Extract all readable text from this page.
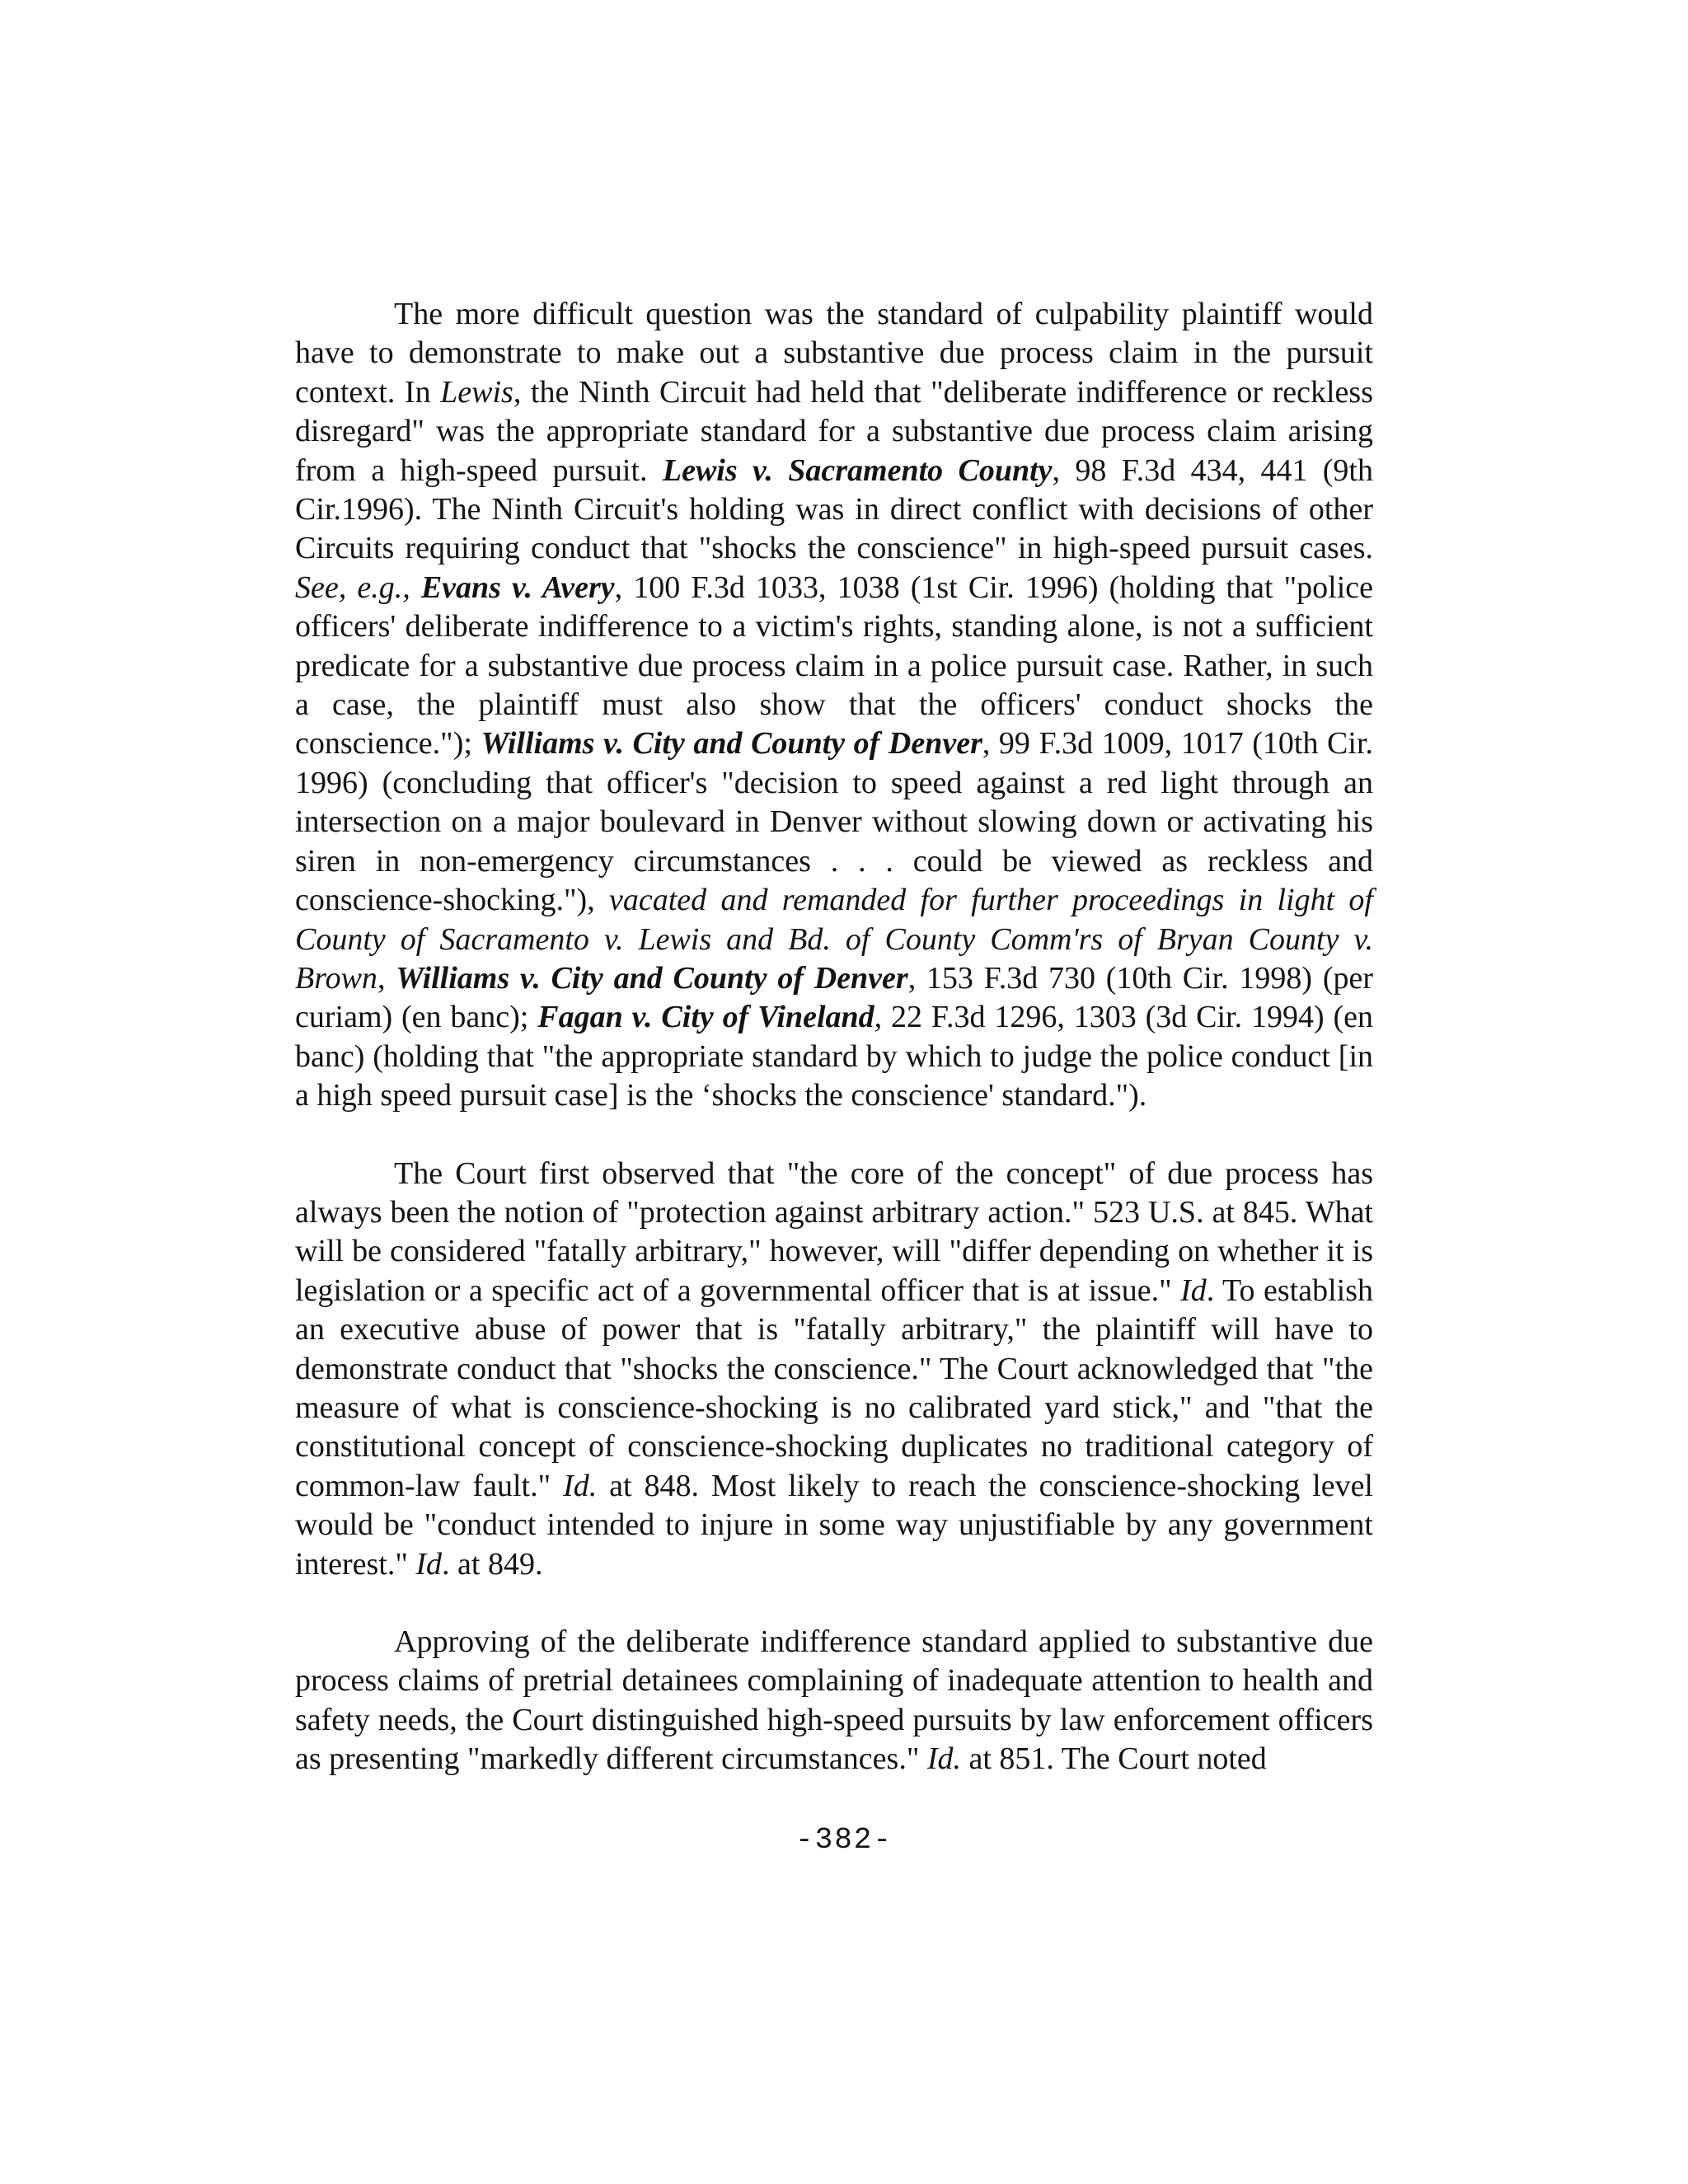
The more difficult question was the standard of culpability plaintiff would have to demonstrate to make out a substantive due process claim in the pursuit context. In Lewis, the Ninth Circuit had held that "deliberate indifference or reckless disregard" was the appropriate standard for a substantive due process claim arising from a high-speed pursuit. Lewis v. Sacramento County, 98 F.3d 434, 441 (9th Cir.1996). The Ninth Circuit's holding was in direct conflict with decisions of other Circuits requiring conduct that "shocks the conscience" in high-speed pursuit cases. See, e.g., Evans v. Avery, 100 F.3d 1033, 1038 (1st Cir. 1996) (holding that "police officers' deliberate indifference to a victim's rights, standing alone, is not a sufficient predicate for a substantive due process claim in a police pursuit case. Rather, in such a case, the plaintiff must also show that the officers' conduct shocks the conscience."); Williams v. City and County of Denver, 99 F.3d 1009, 1017 (10th Cir. 1996) (concluding that officer's "decision to speed against a red light through an intersection on a major boulevard in Denver without slowing down or activating his siren in non-emergency circumstances . . . could be viewed as reckless and conscience-shocking."), vacated and remanded for further proceedings in light of County of Sacramento v. Lewis and Bd. of County Comm'rs of Bryan County v. Brown, Williams v. City and County of Denver, 153 F.3d 730 (10th Cir. 1998) (per curiam) (en banc); Fagan v. City of Vineland, 22 F.3d 1296, 1303 (3d Cir. 1994) (en banc) (holding that "the appropriate standard by which to judge the police conduct [in a high speed pursuit case] is the ‘shocks the conscience' standard.").

The Court first observed that "the core of the concept" of due process has always been the notion of "protection against arbitrary action." 523 U.S. at 845. What will be considered "fatally arbitrary," however, will "differ depending on whether it is legislation or a specific act of a governmental officer that is at issue." Id. To establish an executive abuse of power that is "fatally arbitrary," the plaintiff will have to demonstrate conduct that "shocks the conscience." The Court acknowledged that "the measure of what is conscience-shocking is no calibrated yard stick," and "that the constitutional concept of conscience-shocking duplicates no traditional category of common-law fault." Id. at 848. Most likely to reach the conscience-shocking level would be "conduct intended to injure in some way unjustifiable by any government interest." Id. at 849.

Approving of the deliberate indifference standard applied to substantive due process claims of pretrial detainees complaining of inadequate attention to health and safety needs, the Court distinguished high-speed pursuits by law enforcement officers as presenting "markedly different circumstances." Id. at 851. The Court noted

-382-
